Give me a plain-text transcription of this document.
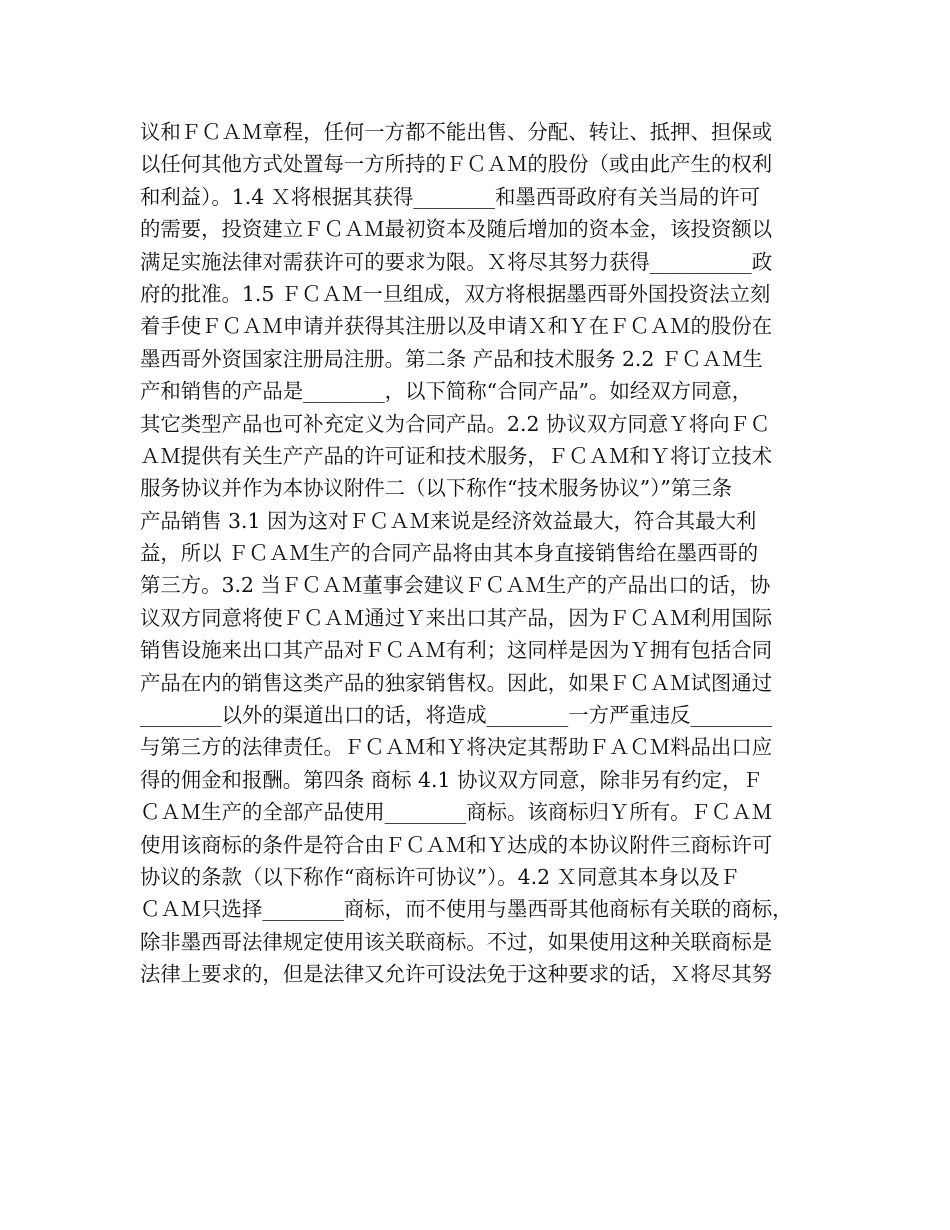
议和ＦＣＡＭ章程，任何一方都不能出售、分配、转让、抵押、担保或
以任何其他方式处置每一方所持的ＦＣＡＭ的股份（或由此产生的权利
和利益）。1.4 Ｘ将根据其获得________和墨西哥政府有关当局的许可
的需要，投资建立ＦＣＡＭ最初资本及随后增加的资本金，该投资额以
满足实施法律对需获许可的要求为限。Ｘ将尽其努力获得__________政
府的批准。1.5 ＦＣＡＭ一旦组成，双方将根据墨西哥外国投资法立刻
着手使ＦＣＡＭ申请并获得其注册以及申请Ｘ和Ｙ在ＦＣＡＭ的股份在
墨西哥外资国家注册局注册。第二条 产品和技术服务 2.2 ＦＣＡＭ生
产和销售的产品是________，以下简称“合同产品”。如经双方同意，
其它类型产品也可补充定义为合同产品。2.2 协议双方同意Ｙ将向ＦＣ
ＡＭ提供有关生产产品的许可证和技术服务，ＦＣＡＭ和Ｙ将订立技术
服务协议并作为本协议附件二（以下称作“技术服务协议”）”第三条
产品销售 3.1 因为这对ＦＣＡＭ来说是经济效益最大，符合其最大利
益，所以 ＦＣＡＭ生产的合同产品将由其本身直接销售给在墨西哥的
第三方。3.2 当ＦＣＡＭ董事会建议ＦＣＡＭ生产的产品出口的话，协
议双方同意将使ＦＣＡＭ通过Ｙ来出口其产品，因为ＦＣＡＭ利用国际
销售设施来出口其产品对ＦＣＡＭ有利；这同样是因为Ｙ拥有包括合同
产品在内的销售这类产品的独家销售权。因此，如果ＦＣＡＭ试图通过
________以外的渠道出口的话，将造成________一方严重违反________
与第三方的法律责任。ＦＣＡＭ和Ｙ将决定其帮助ＦＡＣＭ料品出口应
得的佣金和报酬。第四条 商标 4.1 协议双方同意，除非另有约定，Ｆ
ＣＡＭ生产的全部产品使用________商标。该商标归Ｙ所有。ＦＣＡＭ
使用该商标的条件是符合由ＦＣＡＭ和Ｙ达成的本协议附件三商标许可
协议的条款（以下称作“商标许可协议”）。4.2 Ｘ同意其本身以及Ｆ
ＣＡＭ只选择________商标，而不使用与墨西哥其他商标有关联的商标，
除非墨西哥法律规定使用该关联商标。不过，如果使用这种关联商标是
法律上要求的，但是法律又允许可设法免于这种要求的话，Ｘ将尽其努
